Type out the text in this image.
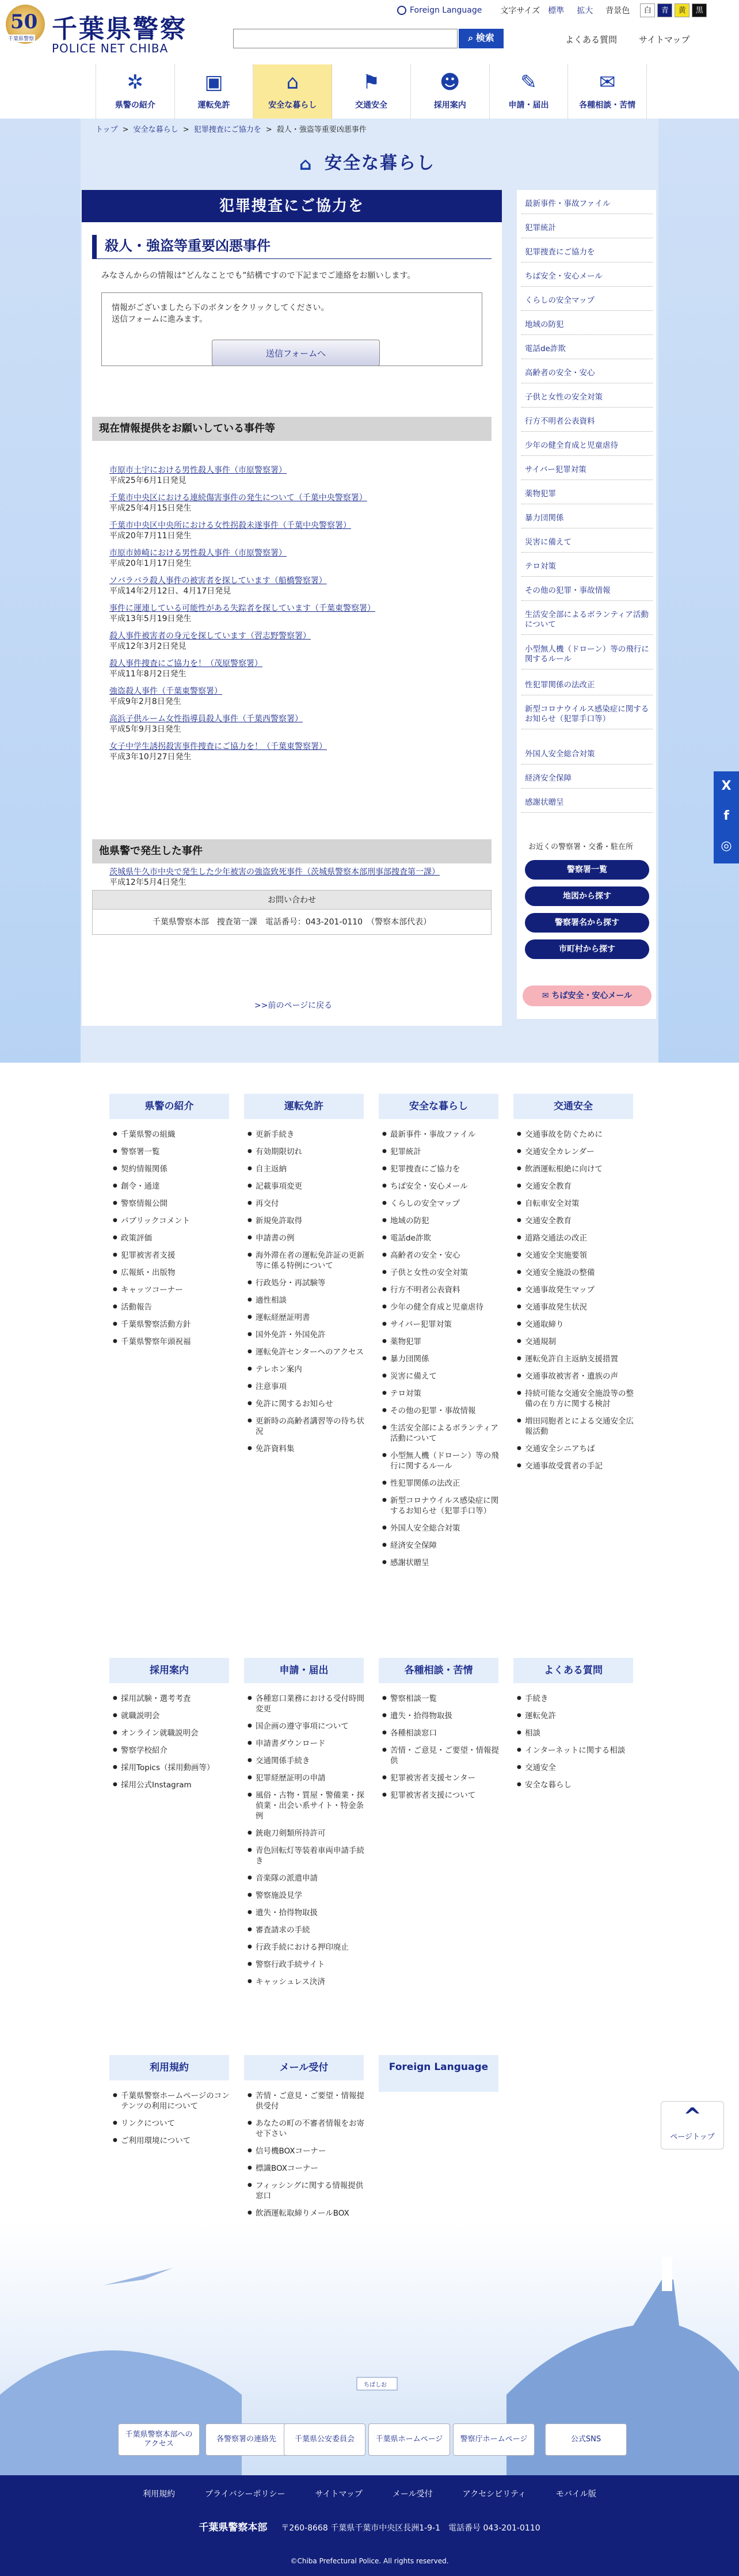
50
千葉県警察 千葉県警察
POLICE NET CHIBA
Foreign Language 文字サイズ 標準 拡大 背景色	白	青	黄	黒
⌕ 検索	よくある質問	サイトマップ
✲
県警の紹介
▣
運転免許
⌂
安全な暮らし
⚑
交通安全
☻
採用案内
✎
申請・届出
✉
各種相談・苦情
トップ > 安全な暮らし > 犯罪捜査にご協力を > 殺人・強盗等重要凶悪事件
⌂ 安全な暮らし
犯罪捜査にご協力を
殺人・強盗等重要凶悪事件
みなさんからの情報は“どんなことでも”結構ですので下記までご連絡をお願いします。
情報がございましたら下のボタンをクリックしてください。
送信フォームに進みます。
送信フォームへ
現在情報提供をお願いしている事件等
市原市土宇における男性殺人事件（市原警察署）
平成25年6月1日発見
千葉市中央区における連続傷害事件の発生について（千葉中央警察署）
平成25年4月15日発生
千葉市中央区中央所における女性拐殺未遂事件（千葉中央警察署）
平成20年7月11日発生
市原市姉崎における男性殺人事件（市原警察署）
平成20年1月17日発生
ソバラバラ殺人事件の被害者を探しています（船橋警察署）
平成14年2月12日、4月17日発見
事件に運連している可能性がある失踪者を探しています（千葉東警察署）
平成13年5月19日発生
殺人事件被害者の身元を探しています（習志野警察署）
平成12年3月2日発見
殺人事件捜査にご協力を！（茂原警察署）
平成11年8月2日発生
強盗殺人事件（千葉東警察署）
平成9年2月8日発生
高浜子供ルーム女性指導員殺人事件（千葉西警察署）
平成5年9月3日発生
女子中学生誘拐殺害事件捜査にご協力を！（千葉東警察署）
平成3年10月27日発生
他県警で発生した事件
茨城県牛久市中央で発生した少年被害の強盗致死事件（茨城県警察本部刑事部捜査第一課）
平成12年5月4日発生
お問い合わせ
千葉県警察本部　捜査第一課　電話番号：043-201-0110　（警察本部代表）
>>前のページに戻る
最新事件・事故ファイル
犯罪統計
犯罪捜査にご協力を
ちば安全・安心メール
くらしの安全マップ
地域の防犯
電話de詐欺
高齢者の安全・安心
子供と女性の安全対策
行方不明者公表資料
少年の健全育成と児童虐待
サイバー犯罪対策
薬物犯罪
暴力団関係
災害に備えて
テロ対策
その他の犯罪・事故情報
生活安全部によるボランティア活動について
小型無人機（ドローン）等の飛行に関するルール
性犯罪関係の法改正
新型コロナウイルス感染症に関するお知らせ（犯罪手口等）
外国人安全総合対策
経済安全保障
感謝状贈呈
お近くの警察署・交番・駐在所
警察署一覧
地図から探す
警察署名から探す
市町村から探す
✉ ちば安全・安心メール
X
f
◎
県警の紹介	運転免許	安全な暮らし	交通安全
● 千葉県警の組織
● 警察署一覧
● 契約情報関係
● 創令・通達
● 警察情報公開
● パブリックコメント
● 政策評価
● 犯罪被害者支援
● 広報紙・出版物
● キャッツコーナー
● 活動報告
● 千葉県警察活動方針
● 千葉県警察年頭祝福
● 更新手続き
● 有効期限切れ
● 自主返納
● 記載事項変更
● 再交付
● 新規免許取得
● 申請書の例
● 海外滞在者の運転免許証の更新等に係る特例について
● 行政処分・再試験等
● 適性相談
● 運転経歴証明書
● 国外免許・外国免許
● 運転免許センターへのアクセス
● テレホン案内
● 注意事項
● 免許に関するお知らせ
● 更新時の高齢者講習等の待ち状況
● 免許資料集
● 最新事件・事故ファイル
● 犯罪統計
● 犯罪捜査にご協力を
● ちば安全・安心メール
● くらしの安全マップ
● 地域の防犯
● 電話de詐欺
● 高齢者の安全・安心
● 子供と女性の安全対策
● 行方不明者公表資料
● 少年の健全育成と児童虐待
● サイバー犯罪対策
● 薬物犯罪
● 暴力団関係
● 災害に備えて
● テロ対策
● その他の犯罪・事故情報
● 生活安全部によるボランティア活動について
● 小型無人機（ドローン）等の飛行に関するルール
● 性犯罪関係の法改正
● 新型コロナウイルス感染症に関するお知らせ（犯罪手口等）
● 外国人安全総合対策
● 経済安全保障
● 感謝状贈呈
● 交通事故を防ぐために
● 交通安全カレンダー
● 飲酒運転根絶に向けて
● 交通安全教育
● 自転車安全対策
● 交通安全教育
● 道路交通法の改正
● 交通安全実施要領
● 交通安全施設の整備
● 交通事故発生マップ
● 交通事故発生状況
● 交通取締り
● 交通規制
● 運転免許自主返納支援措置
● 交通事故被害者・遺族の声
● 持続可能な交通安全施設等の整備の在り方に関する検討
● 増田同胞者とによる交通安全広報活動
● 交通安全シニアちば
● 交通事故受賞者の手記
採用案内	申請・届出	各種相談・苦情	よくある質問
● 採用試験・選考考査
● 就職説明会
● オンライン就職説明会
● 警察学校紹介
● 採用Topics（採用動画等）
● 採用公式Instagram
● 各種窓口業務における受付時間変更
● 国企画の遵守事項について
● 申請書ダウンロード
● 交通関係手続き
● 犯罪経歴証明の申請
● 風俗・古物・質屋・警備業・探偵業・出会い系サイト・特金条例
● 銃砲刀剣類所持許可
● 青色回転灯等装着車両申請手続き
● 音楽隊の派遣申請
● 警察施設見学
● 遺失・拾得物取扱
● 審査請求の手続
● 行政手続における押印廃止
● 警察行政手続サイト
● キャッシュレス決済
● 警察相談一覧
● 遺失・拾得物取扱
● 各種相談窓口
● 苦情・ご意見・ご要望・情報提供
● 犯罪被害者支援センター
● 犯罪被害者支援について
● 手続き
● 運転免許
● 相談
● インターネットに関する相談
● 交通安全
● 安全な暮らし
利用規約	メール受付	Foreign Language
● 千葉県警察ホームページのコンテンツの利用について
● リンクについて
● ご利用環境について
● 苦情・ご意見・ご要望・情報提供受付
● あなたの町の不審者情報をお寄せ下さい
● 信号機BOXコーナー
● 標識BOXコーナー
● フィッシングに関する情報提供窓口
● 飲酒運転取締りメールBOX
^
ページトップ
ちばしお
千葉県警察本部へのアクセス
各警察署の連絡先	千葉県公安委員会	千葉県ホームページ	警察庁ホームページ	公式SNS
利用規約	プライバシーポリシー	サイトマップ	メール受付	アクセシビリティ	モバイル版
千葉県警察本部 〒260-8668 千葉県千葉市中央区長洲1-9-1　電話番号 043-201-0110
©Chiba Prefectural Police. All rights reserved.
